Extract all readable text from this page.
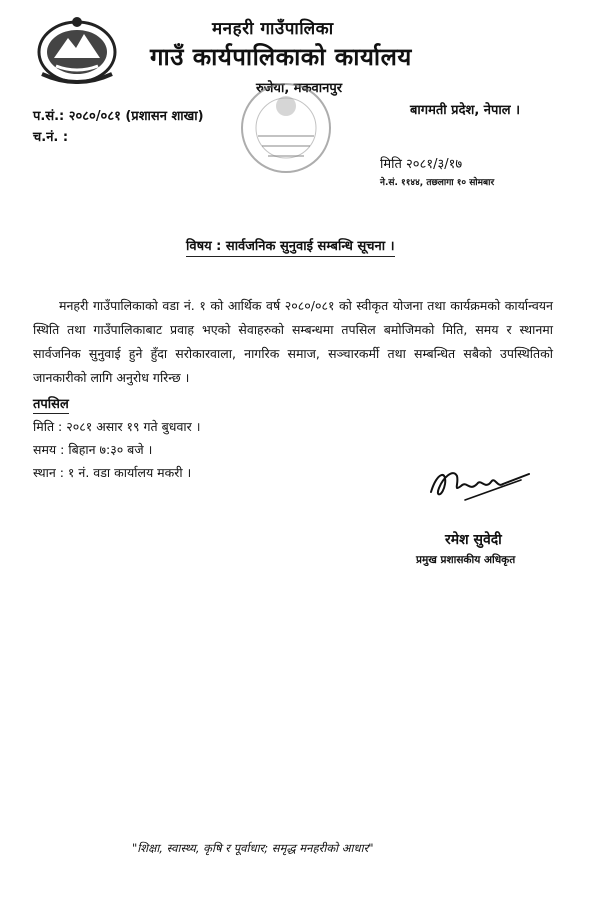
मनहरी गाउँपालिका
गाउँ कार्यपालिकाको कार्यालय
रुजेया, मकवानपुर
प.सं.: २०८०/०८१ (प्रशासन शाखा)
च.नं. :
बागमती प्रदेश, नेपाल ।
मिति २०८१/३/१७
ने.सं. ११४४, तछलागा १० सोमबार
विषय : सार्वजनिक सुनुवाई सम्बन्धि सूचना ।

मनहरी गाउँपालिकाको वडा नं. १ को आर्थिक वर्ष २०८०/०८१ को स्वीकृत योजना तथा कार्यक्रमको कार्यान्वयन स्थिति तथा गाउँपालिकाबाट प्रवाह भएको सेवाहरुको सम्बन्धमा तपसिल बमोजिमको मिति, समय र स्थानमा सार्वजनिक सुनुवाई हुने हुँदा सरोकारवाला, नागरिक समाज, सञ्चारकर्मी तथा सम्बन्धित सबैको उपस्थितिको जानकारीको लागि अनुरोध गरिन्छ ।

तपसिल
मिति : २०८१ असार १९ गते बुधवार ।
समय : बिहान ७:३० बजे ।
स्थान : १ नं. वडा कार्यालय मकरी ।
रमेश सुवेदी
प्रमुख प्रशासकीय अधिकृत
"शिक्षा, स्वास्थ्य, कृषि र पूर्वाधार; समृद्ध मनहरीको आधार"
